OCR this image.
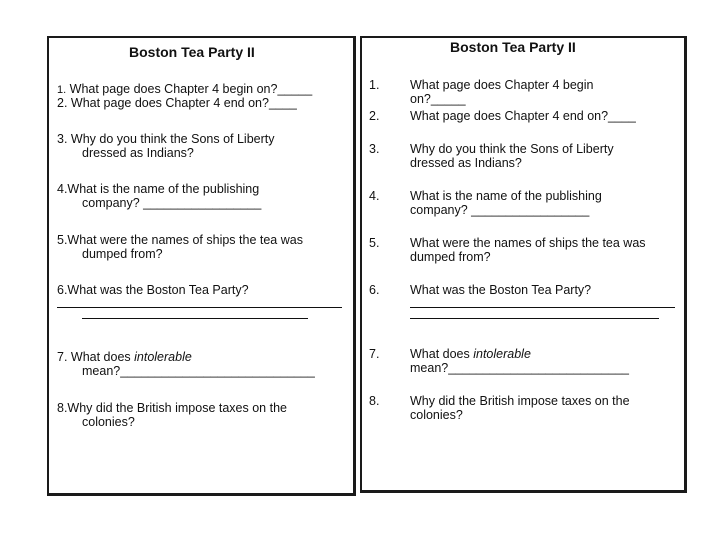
Boston Tea Party II
1. What page does Chapter 4 begin on?_____
2. What page does Chapter 4 end on?____
3. Why do you think the Sons of Liberty
dressed as Indians?
4.What is the name of the publishing
company? _________________
5.What were the names of ships the tea was
dumped from?
6.What was the Boston Tea Party?
7. What does intolerable
mean?____________________________
8.Why did the British impose taxes on the
colonies?
Boston Tea Party II
1. What page does Chapter 4 begin
on?_____
2. What page does Chapter 4 end on?____
3. Why do you think the Sons of Liberty
dressed as Indians?
4. What is the name of the publishing
company? _________________
5. What were the names of ships the tea was
dumped from?
6. What was the Boston Tea Party?
7. What does intolerable
mean?__________________________
8. Why did the British impose taxes on the
colonies?
